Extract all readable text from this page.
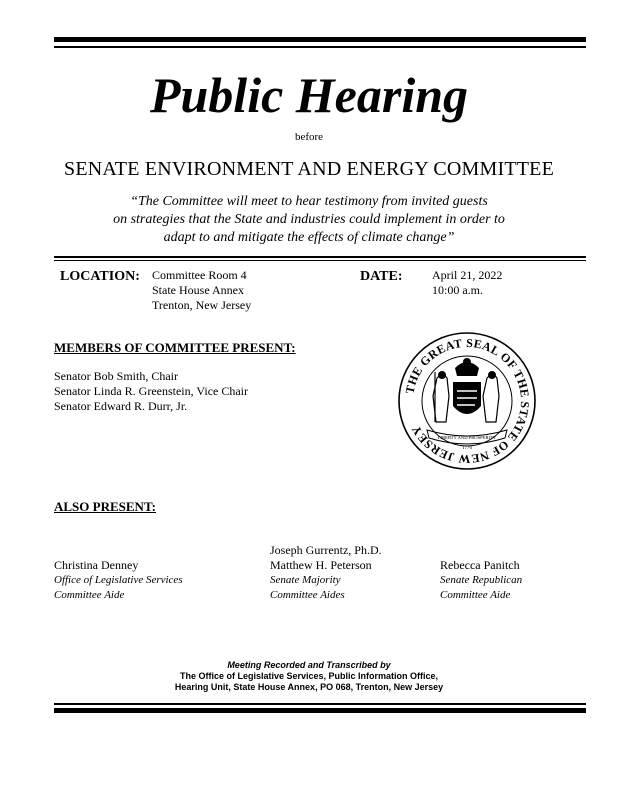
Public Hearing
before
SENATE ENVIRONMENT AND ENERGY COMMITTEE
“The Committee will meet to hear testimony from invited guests
on strategies that the State and industries could implement in order to
adapt to and mitigate the effects of climate change”
LOCATION: Committee Room 4
State House Annex
Trenton, New Jersey
DATE: April 21, 2022
10:00 a.m.
MEMBERS OF COMMITTEE PRESENT:
Senator Bob Smith, Chair
Senator Linda R. Greenstein, Vice Chair
Senator Edward R. Durr, Jr.
THE GREAT SEAL OF THE STATE OF NEW JERSEY	LIBERTY AND PROSPERITY
1776
ALSO PRESENT:
Christina Denney
Office of Legislative Services
Committee Aide
Joseph Gurrentz, Ph.D.
Matthew H. Peterson
Senate Majority
Committee Aides
Rebecca Panitch
Senate Republican
Committee Aide
Meeting Recorded and Transcribed by
The Office of Legislative Services, Public Information Office,
Hearing Unit, State House Annex, PO 068, Trenton, New Jersey
